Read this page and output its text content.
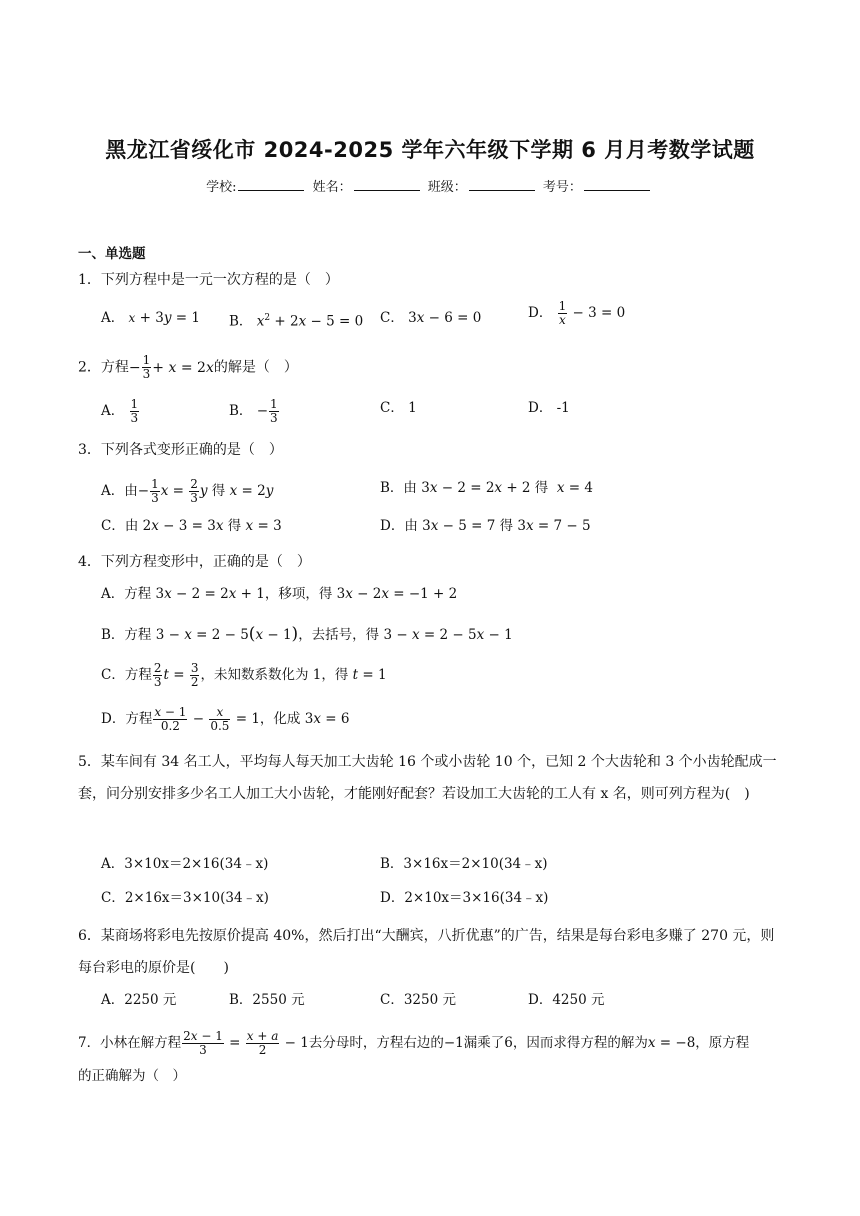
黑龙江省绥化市 2024-2025 学年六年级下学期 6 月月考数学试题
学校:	姓名：	班级：	考号：
一、单选题
1．下列方程中是一元一次方程的是（　）
A． x + 3y = 1 B． $x^2 + 2x - 5 = 0$ C． 3x − 6 = 0	D． $\frac{1}{x} - 3 = 0$
2．方程− $\frac{1}{3} + x = 2x$的解是（　）
A． $\frac{1}{3}$	B． − $\frac{1}{3}$	C． 1	D． -1
3．下列各式变形正确的是（　）
A．由− $\frac{1}{3}$ $x = \frac{2}{3}$ y 得 x = 2y	B．由 3x − 2 = 2x + 2 得  x = 4
C．由 2x − 3 = 3x 得 x = 3	D．由 3x − 5 = 7 得 3x = 7 − 5
4．下列方程变形中，正确的是（　）
A．方程 3x − 2 = 2x + 1，移项，得 3x − 2x = −1 + 2
B．方程 3 − x = 2 − 5(x − 1)，去括号，得 3 − x = 2 − 5x − 1
C．方程 $\frac{2}{3}$ $t = \frac{3}{2}$ ，未知数系数化为 1，得 t = 1
D．方程 $\frac{x - 1}{0.2} - \frac{x}{0.5} = 1$，化成 3x = 6
5．某车间有 34 名工人，平均每人每天加工大齿轮 16 个或小齿轮 10 个，已知 2 个大齿轮和 3 个小齿轮配成一套，问分别安排多少名工人加工大小齿轮，才能刚好配套？若设加工大齿轮的工人有 x 名，则可列方程为(　)
A．3×10x＝2×16(34﹣x)	B．3×16x＝2×10(34﹣x)
C．2×16x＝3×10(34﹣x)	D．2×10x＝3×16(34﹣x)
6．某商场将彩电先按原价提高 40%，然后打出“大酬宾，八折优惠”的广告，结果是每台彩电多赚了 270 元，则每台彩电的原价是(　　)
A．2250 元	B．2550 元	C．3250 元	D．4250 元
7．小林在解方程 $\frac{2x - 1}{3} = \frac{x + a}{2} - 1$去分母时，方程右边的−1漏乘了6，因而求得方程的解为x = −8，原方程
的正确解为（　）
